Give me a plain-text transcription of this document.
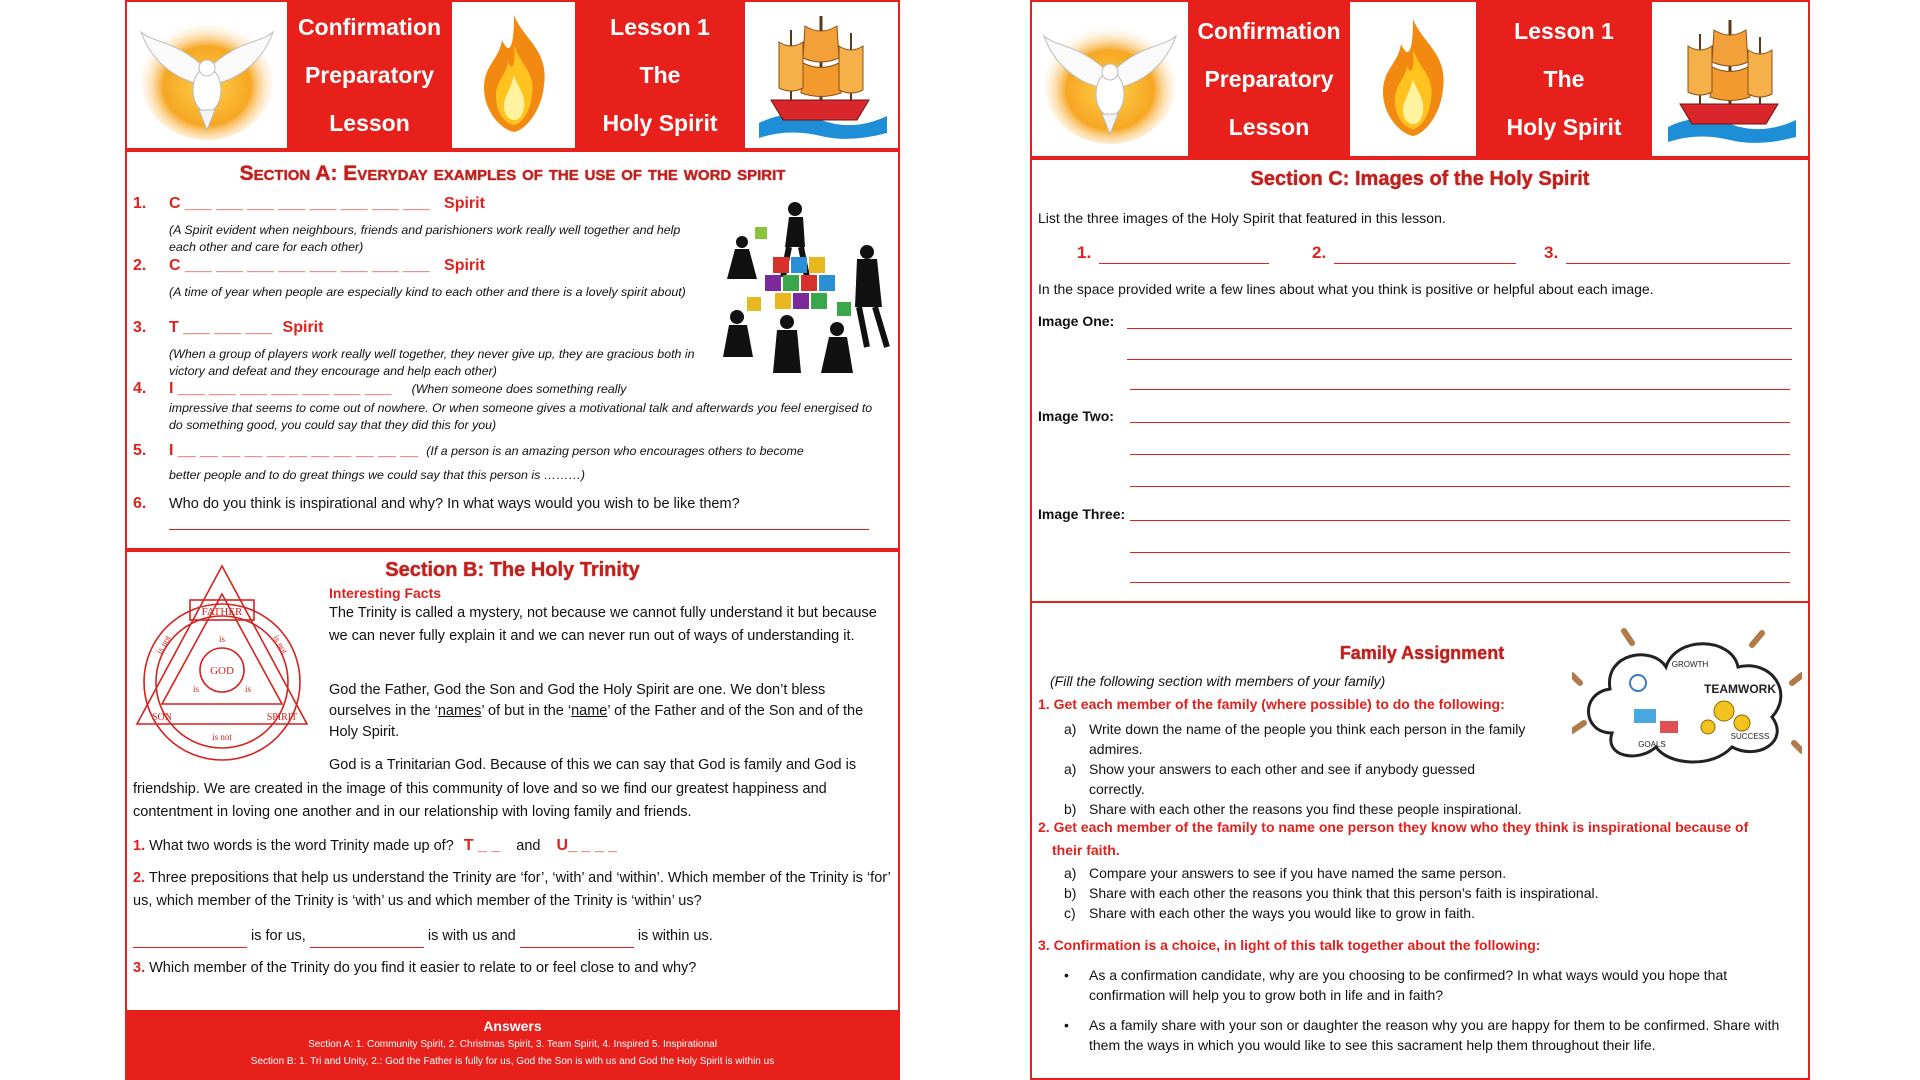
Confirmation
Preparatory
Lesson
Lesson 1
The
Holy Spirit
Section A: Everyday examples of the use of the word spirit
1. C ___ ___ ___ ___ ___ ___ ___ ___ Spirit
(A Spirit evident when neighbours, friends and parishioners work really well together and help each other and care for each other)
2. C ___ ___ ___ ___ ___ ___ ___ ___ Spirit
(A time of year when people are especially kind to each other and there is a lovely spirit about)
3. T ___ ___ ___ Spirit
(When a group of players work really well together, they never give up, they are gracious both in victory and defeat and they encourage and help each other)
4. I ___ ___ ___ ___ ___ ___ ___ (When someone does something really
impressive that seems to come out of nowhere. Or when someone gives a motivational talk and afterwards you feel energised to do something good, you could say that they did this for you)
5. I __ __ __ __ __ __ __ __ __ __ __ (If a person is an amazing person who encourages others to become
better people and to do great things we could say that this person is ………)
6. Who do you think is inspirational and why? In what ways would you wish to be like them?
Section B: The Holy Trinity
FATHER
GOD
SON	SPIRIT
is
is	is
is not
is not	is not
Interesting Facts
The Trinity is called a mystery, not because we cannot fully understand it but because we can never fully explain it and we can never run out of ways of understanding it.
God the Father, God the Son and God the Holy Spirit are one. We don’t bless ourselves in the ‘names’ of but in the ‘name’ of the Father and of the Son and of the Holy Spirit.
God is a Trinitarian God. Because of this we can say that God is family and God is
friendship. We are created in the image of this community of love and so we find our greatest happiness and contentment in loving one another and in our relationship with loving family and friends.
1. What two words is the word Trinity made up of? T _ _ and U_ _ _ _
2. Three prepositions that help us understand the Trinity are ‘for’, ‘with’ and ‘within’. Which member of the Trinity is ‘for’ us, which member of the Trinity is ‘with’ us and which member of the Trinity is ‘within’ us?
is for us,	is with us and	is within us.
3. Which member of the Trinity do you find it easier to relate to or feel close to and why?
Answers
Section A: 1. Community Spirit, 2. Christmas Spirit, 3. Team Spirit, 4. Inspired 5. Inspirational
Section B: 1. Tri and Unity, 2.: God the Father is fully for us, God the Son is with us and God the Holy Spirit is within us
Confirmation
Preparatory
Lesson
Lesson 1
The
Holy Spirit
Section C: Images of the Holy Spirit
List the three images of the Holy Spirit that featured in this lesson.
1.	2.	3.
In the space provided write a few lines about what you think is positive or helpful about each image.
Image One:
Image Two:
Image Three:
TEAMWORK
GROWTH
SUCCESS
GOALS
Family Assignment
(Fill the following section with members of your family)
1. Get each member of the family (where possible) to do the following:
a) Write down the name of the people you think each person in the family admires.
a) Show your answers to each other and see if anybody guessed correctly.
b) Share with each other the reasons you find these people inspirational.
2. Get each member of the family to name one person they know who they think is inspirational because of
their faith.
a) Compare your answers to see if you have named the same person.
b) Share with each other the reasons you think that this person’s faith is inspirational.
c) Share with each other the ways you would like to grow in faith.
3. Confirmation is a choice, in light of this talk together about the following:
•	As a confirmation candidate, why are you choosing to be confirmed? In what ways would you hope that confirmation will help you to grow both in life and in faith?
•	As a family share with your son or daughter the reason why you are happy for them to be confirmed. Share with them the ways in which you would like to see this sacrament help them throughout their life.
